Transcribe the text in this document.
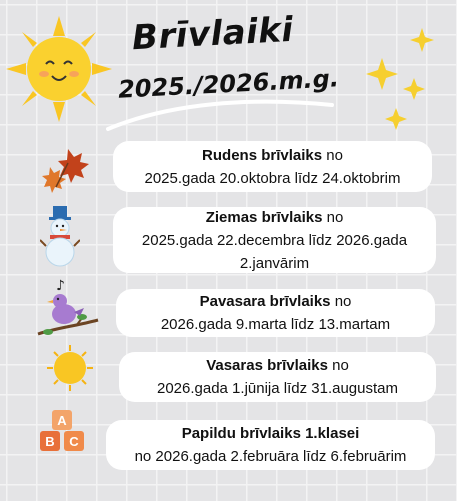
Brīvlaiki
2025./2026.m.g.
Rudens brīvlaiks no
2025.gada 20.oktobra līdz 24.oktobrim
Ziemas brīvlaiks no
2025.gada 22.decembra līdz 2026.gada
2.janvārim
♪
Pavasara brīvlaiks no
2026.gada 9.marta līdz 13.martam
Vasaras brīvlaiks no
2026.gada 1.jūnija līdz 31.augustam
A
B C	Papildu brīvlaiks 1.klasei
no 2026.gada 2.februāra līdz 6.februārim
